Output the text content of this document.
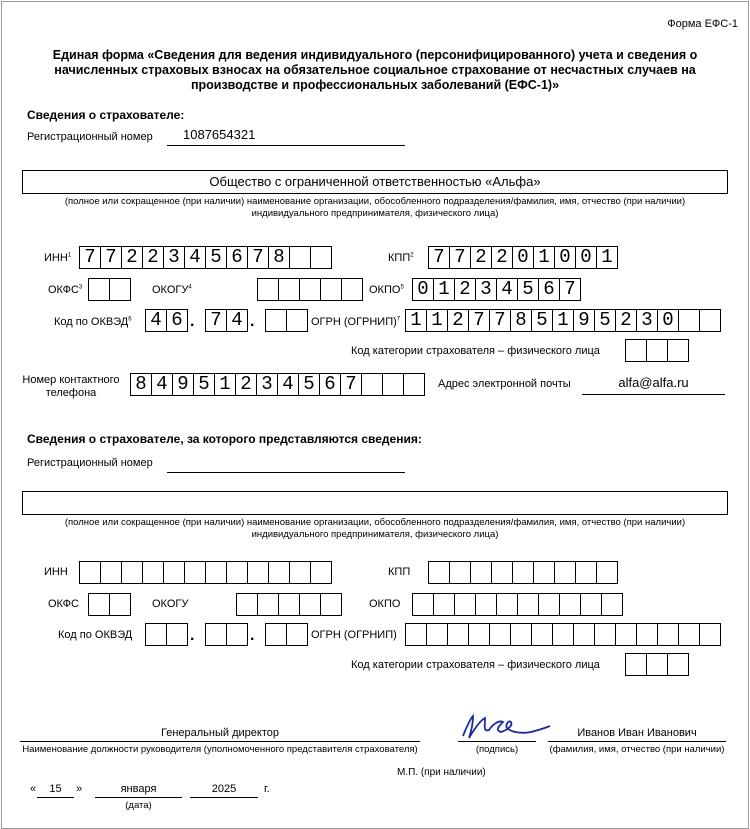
Форма ЕФС-1
Единая форма «Сведения для ведения индивидуального (персонифицированного) учета и сведения о начисленных страховых взносах на обязательное социальное страхование от несчастных случаев на производстве и профессиональных заболеваний (ЕФС-1)»
Сведения о страхователе:
Регистрационный номер	1087654321
Общество с ограниченной ответственностью «Альфа»
(полное или сокращенное (при наличии) наименование организации, обособленного подразделения/фамилия, имя, отчество (при наличии) индивидуального предпринимателя, физического лица)
ИНН$^1$ 7 7 2 2 3 4 5 6 7 8	КПП$^2$ 7 7 2 2 0 1 0 0 1
ОКФС$^3$	ОКОГУ$^4$	ОКПО$^5$ 0 1 2 3 4 5 6 7
Код по ОКВЭД$^6$ 4 6 . 7 4 .	ОГРН (ОГРНИП)$^7$ 1 1 2 7 7 8 5 1 9 5 2 3 0
Код категории страхователя – физического лица
Номер контактного
телефона	8 4 9 5 1 2 3 4 5 6 7	Адрес электронной почты	alfa@alfa.ru
Сведения о страхователе, за которого представляются сведения:
Регистрационный номер
(полное или сокращенное (при наличии) наименование организации, обособленного подразделения/фамилия, имя, отчество (при наличии) индивидуального предпринимателя, физического лица)
ИНН	КПП
ОКФС	ОКОГУ	ОКПО
Код по ОКВЭД	.	.	ОГРН (ОГРНИП)
Код категории страхователя – физического лица
Генеральный директор
Наименование должности руководителя (уполномоченного представителя страхователя)	(подпись)
Иванов Иван Иванович
(фамилия, имя, отчество (при наличии)
М.П. (при наличии)
«	15	»	января
(дата)
2025	г.
